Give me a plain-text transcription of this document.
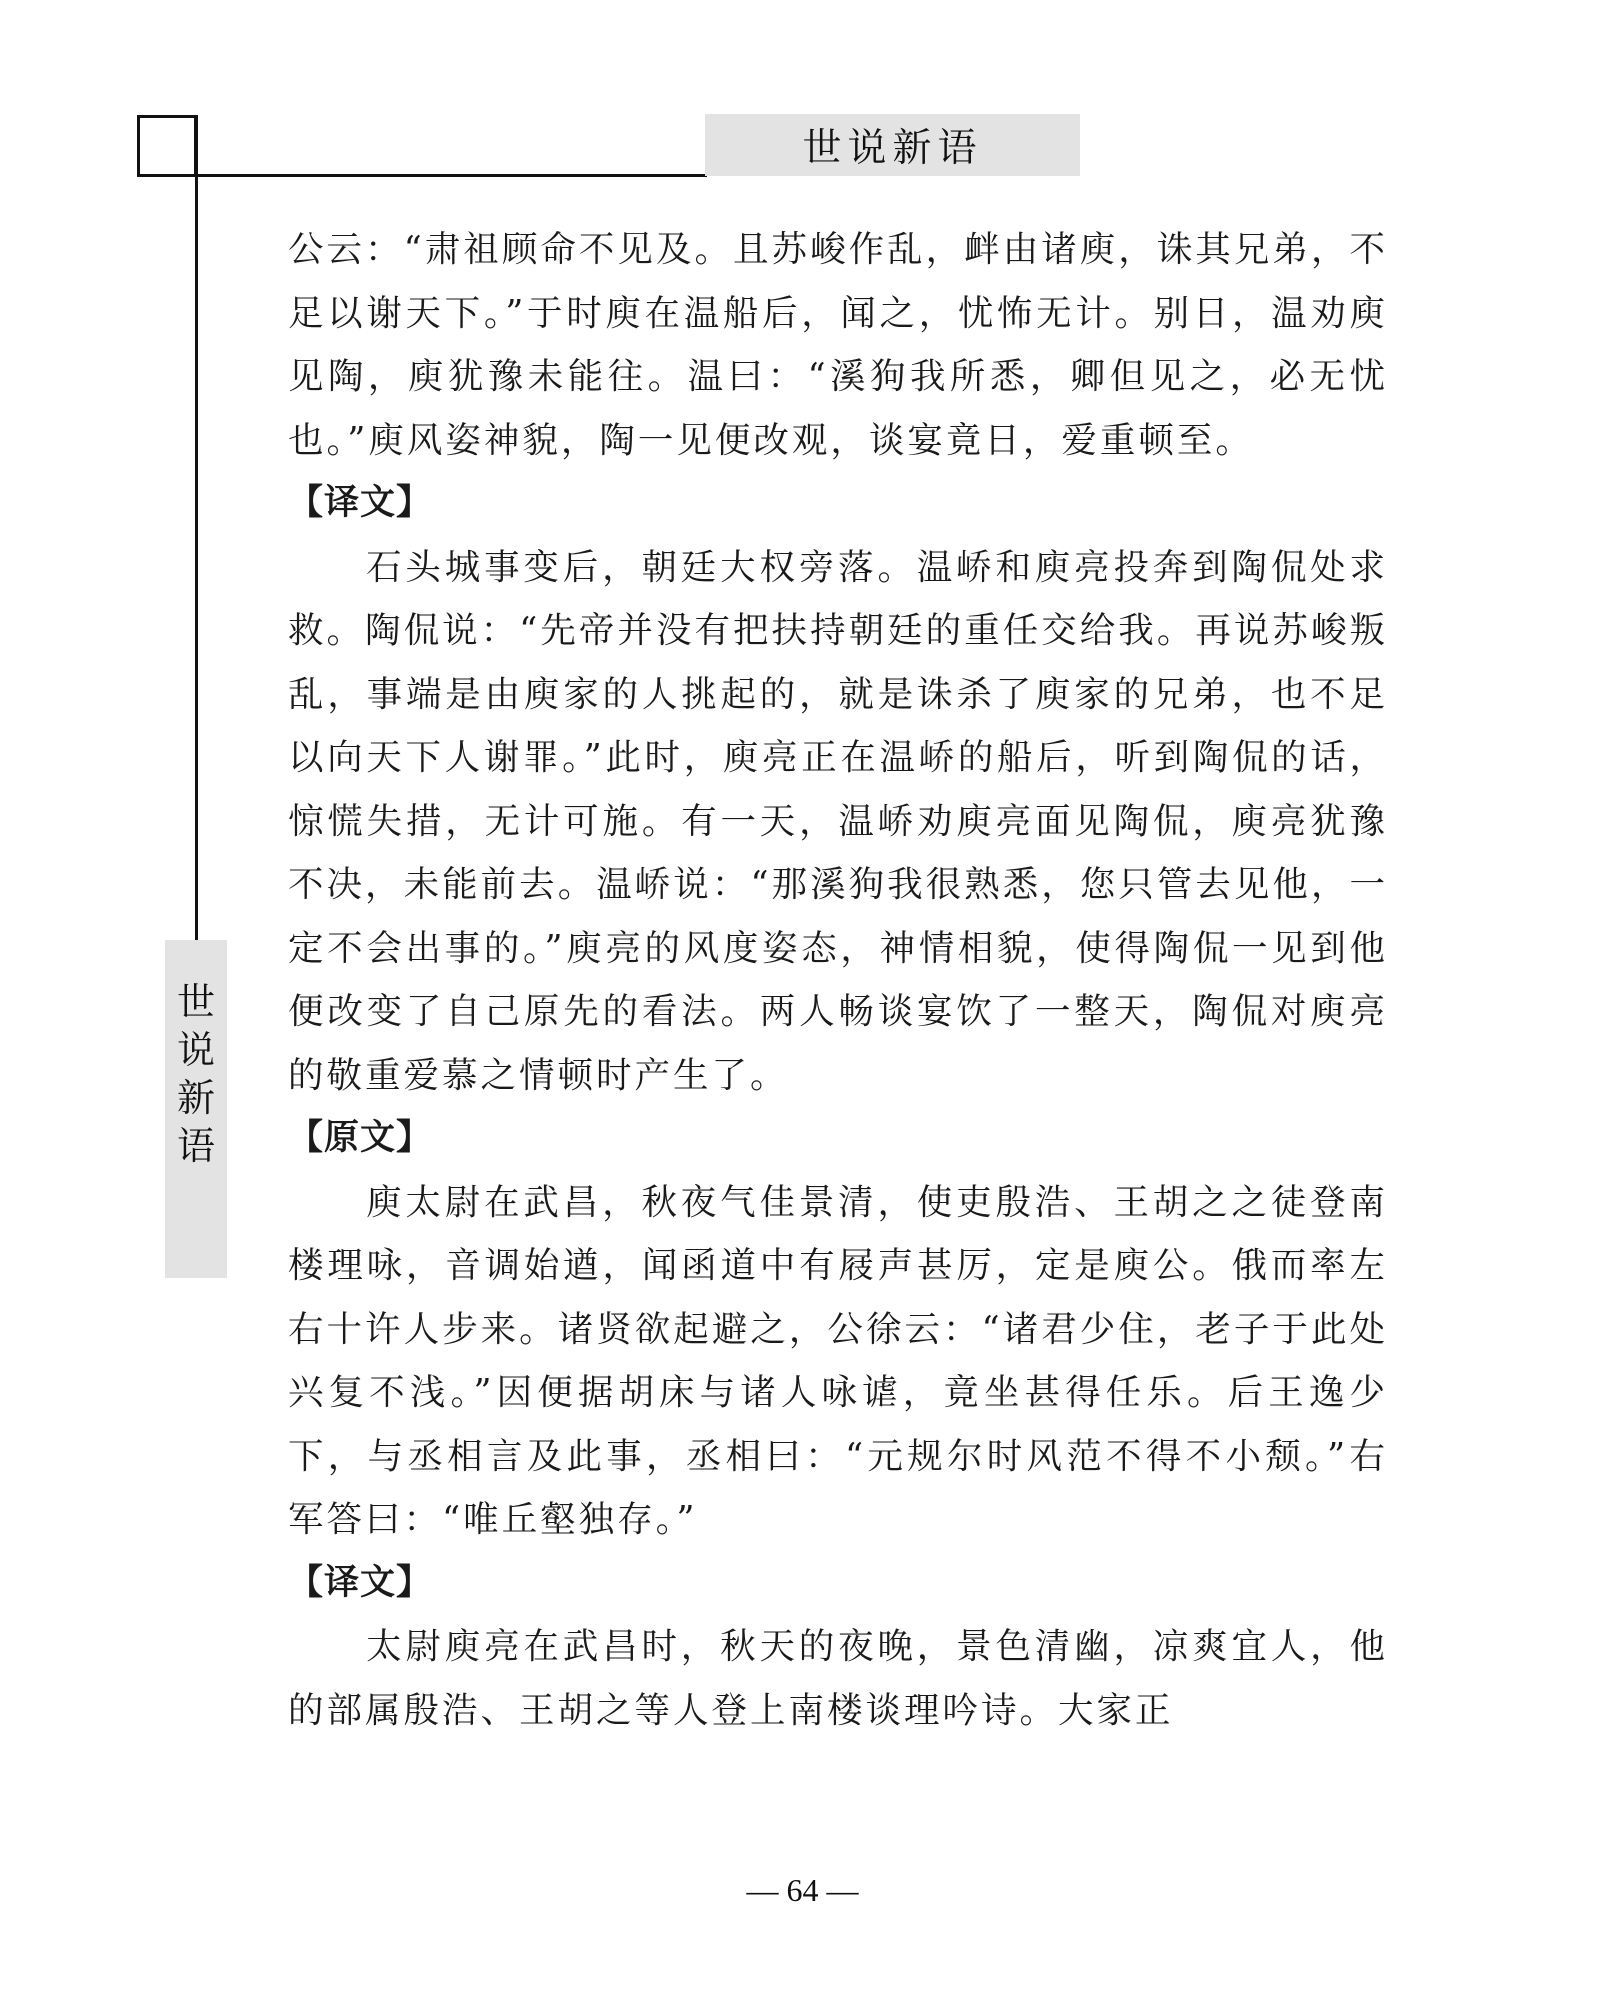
世说新语
世
说
新
语

公云：“肃祖顾命不见及。且苏峻作乱，衅由诸庾，诛其兄弟，不足以谢天下。”于时庾在温船后，闻之，忧怖无计。别日，温劝庾见陶，庾犹豫未能往。温曰：“溪狗我所悉，卿但见之，必无忧也。”庾风姿神貌，陶一见便改观，谈宴竟日，爱重顿至。

【译文】

石头城事变后，朝廷大权旁落。温峤和庾亮投奔到陶侃处求救。陶侃说：“先帝并没有把扶持朝廷的重任交给我。再说苏峻叛乱，事端是由庾家的人挑起的，就是诛杀了庾家的兄弟，也不足以向天下人谢罪。”此时，庾亮正在温峤的船后，听到陶侃的话，惊慌失措，无计可施。有一天，温峤劝庾亮面见陶侃，庾亮犹豫不决，未能前去。温峤说：“那溪狗我很熟悉，您只管去见他，一定不会出事的。”庾亮的风度姿态，神情相貌，使得陶侃一见到他便改变了自己原先的看法。两人畅谈宴饮了一整天，陶侃对庾亮的敬重爱慕之情顿时产生了。

【原文】

庾太尉在武昌，秋夜气佳景清，使吏殷浩、王胡之之徒登南楼理咏，音调始遒，闻函道中有屐声甚厉，定是庾公。俄而率左右十许人步来。诸贤欲起避之，公徐云：“诸君少住，老子于此处兴复不浅。”因便据胡床与诸人咏谑，竟坐甚得任乐。后王逸少下，与丞相言及此事，丞相曰：“元规尔时风范不得不小颓。”右军答曰：“唯丘壑独存。”

【译文】

太尉庾亮在武昌时，秋天的夜晚，景色清幽，凉爽宜人，他的部属殷浩、王胡之等人登上南楼谈理吟诗。大家正

— 64 —
